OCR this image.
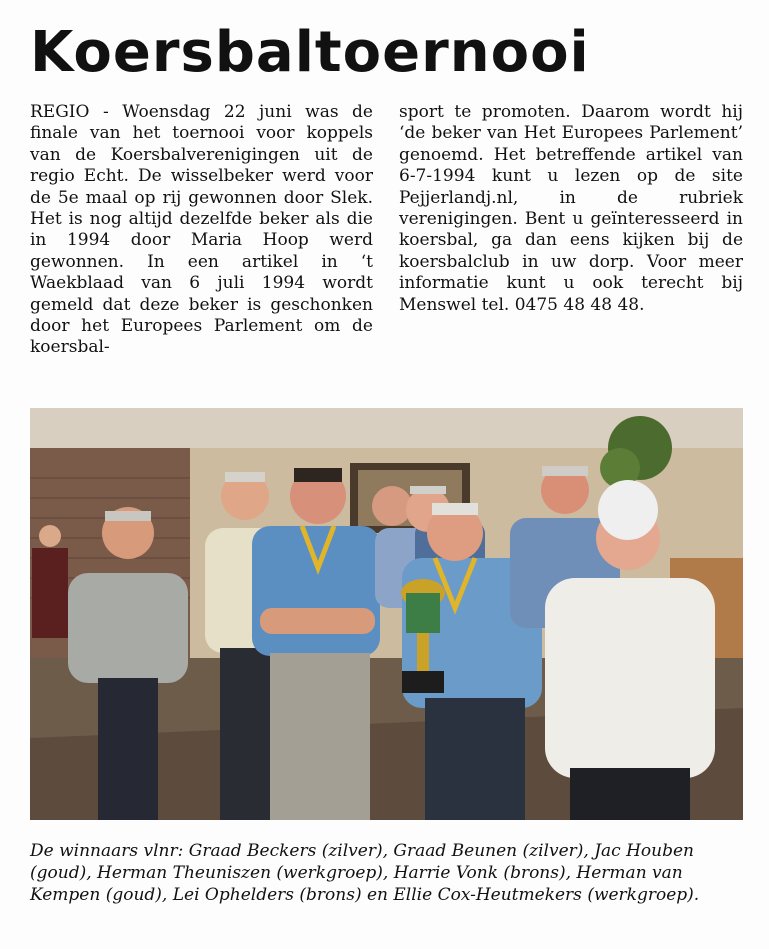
Koersbaltoernooi

REGIO - Woensdag 22 juni was de finale van het toernooi voor koppels van de Koersbalverenigingen uit de regio Echt. De wisselbeker werd voor de 5e maal op rij gewonnen door Slek. Het is nog altijd dezelfde beker als die in 1994 door Maria Hoop werd gewonnen. In een artikel in ‘t Waekblaad van 6 juli 1994 wordt gemeld dat deze beker is geschonken door het Europees Parlement om de koersbal-

sport te promoten. Daarom wordt hij ‘de beker van Het Europees Parlement’ genoemd. Het betreffende artikel van 6-7-1994 kunt u lezen op de site Pejjerlandj.nl, in de rubriek verenigingen. Bent u geïnteresseerd in koersbal, ga dan eens kijken bij de koersbalclub in uw dorp. Voor meer informatie kunt u ook terecht bij Menswel tel. 0475 48 48 48.

De winnaars vlnr: Graad Beckers (zilver), Graad Beunen (zilver), Jac Houben (goud), Herman Theuniszen (werkgroep), Harrie Vonk (brons), Herman van Kempen (goud), Lei Ophelders (brons) en Ellie Cox-Heutmekers (werkgroep).
